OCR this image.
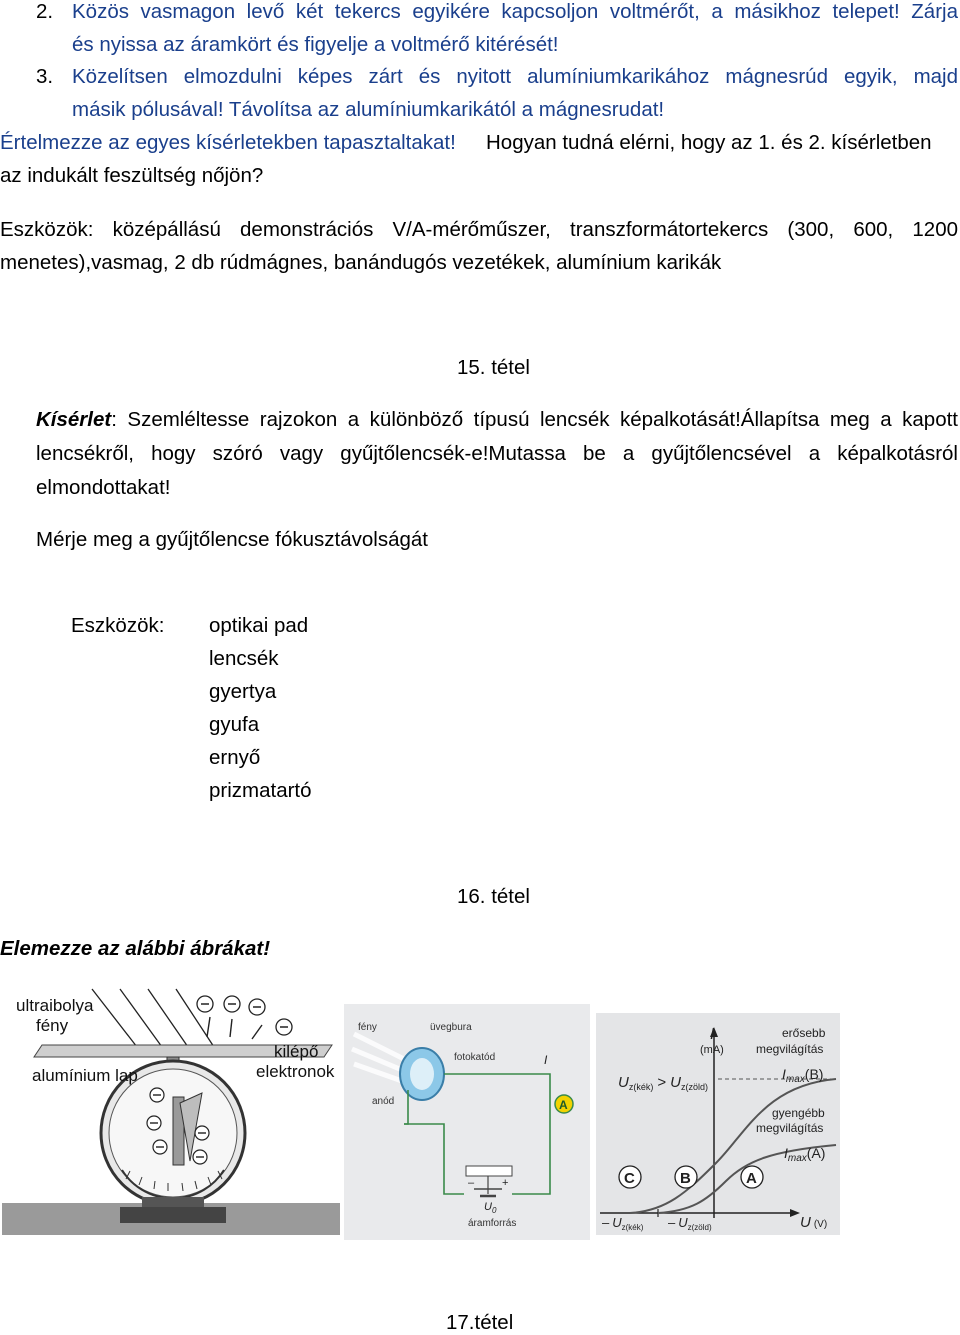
2. Közös vasmagon levő két tekercs egyikére kapcsoljon voltmérőt, a másikhoz telepet! Zárja
és nyissa az áramkört és figyelje a voltmérő kitérését!
3. Közelítsen elmozdulni képes zárt és nyitott alumíniumkarikához mágnesrúd egyik, majd
másik pólusával! Távolítsa az alumíniumkarikától a mágnesrudat!
Értelmezze az egyes kísérletekben tapasztaltakat! Hogyan tudná elérni, hogy az 1. és 2. kísérletben
az indukált feszültség nőjön?
Eszközök: középállású demonstrációs V/A-mérőműszer, transzformátortekercs (300, 600, 1200
menetes),vasmag, 2 db rúdmágnes, banándugós vezetékek, alumínium karikák
15. tétel
Kísérlet: Szemléltesse rajzokon a különböző típusú lencsék képalkotását!Állapítsa meg a kapott
lencsékről, hogy szóró vagy gyűjtőlencsék-e!Mutassa be a gyűjtőlencsével a képalkotásról
elmondottakat!
Mérje meg a gyűjtőlencse fókusztávolságát
Eszközök: optikai pad
lencsék
gyertya
gyufa
ernyő
prizmatartó
16. tétel
Elemezze az alábbi ábrákat!
ultraibolya
fény
alumínium lap
kilépő
elektronok
A
–	+
fény	üvegbura
fotokatód
anód
I
$U_0$
áramforrás
C	B	A
I
(mA)
erősebb
megvilágítás
$I_{max}(B)$
gyengébb
megvilágítás
$I_{max}(A)$
$U_{z(kék)} > U_{z(zöld)}$
– $U_{z(kék)} - U_{z(zöld)}$	U (V)
17.tétel
